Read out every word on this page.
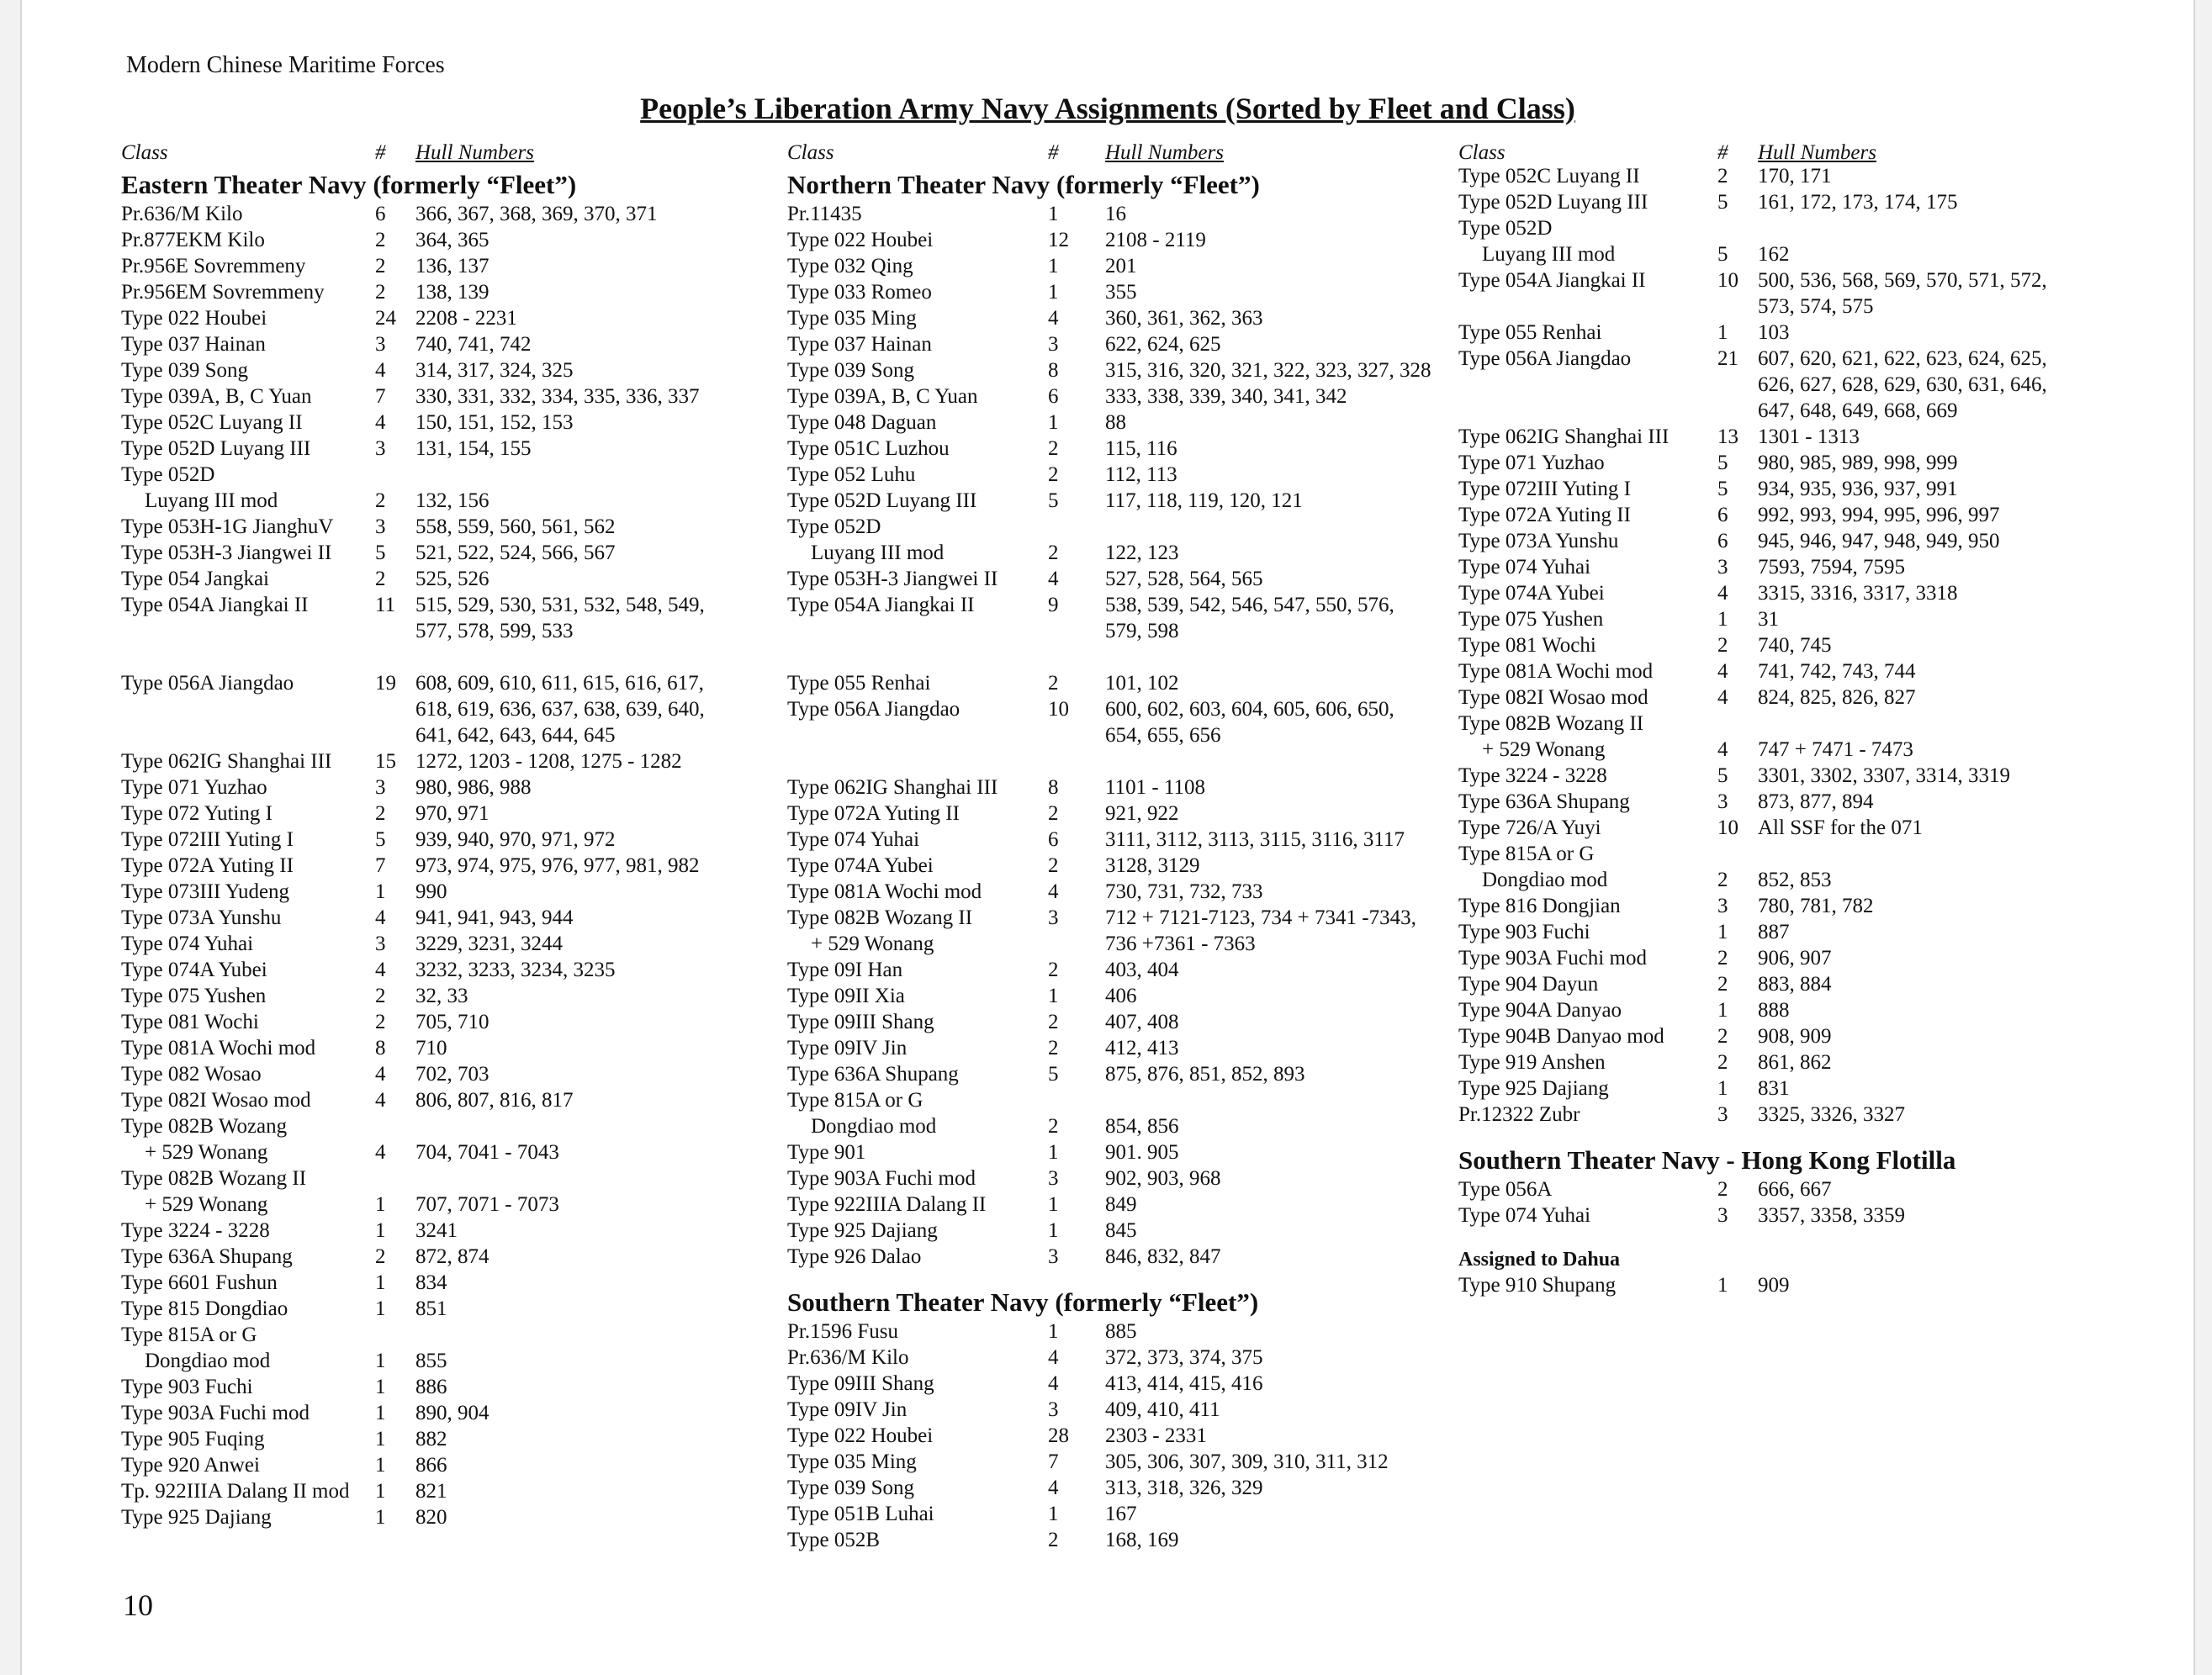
Modern Chinese Maritime Forces
People’s Liberation Army Navy Assignments (Sorted by Fleet and Class)
Class	# Hull Numbers
Eastern Theater Navy (formerly “Fleet”)
Pr.636/M Kilo	6 366, 367, 368, 369, 370, 371
Pr.877EKM Kilo	2 364, 365
Pr.956E Sovremmeny	2 136, 137
Pr.956EM Sovremmeny 2 138, 139
Type 022 Houbei	24 2208 - 2231
Type 037 Hainan	3 740, 741, 742
Type 039 Song	4 314, 317, 324, 325
Type 039A, B, C Yuan	7 330, 331, 332, 334, 335, 336, 337
Type 052C Luyang II	4 150, 151, 152, 153
Type 052D Luyang III	3 131, 154, 155
Type 052D

Luyang III mod	2 132, 156
Type 053H-1G JianghuV 3 558, 559, 560, 561, 562
Type 053H-3 Jiangwei II 5 521, 522, 524, 566, 567
Type 054 Jangkai	2 525, 526
Type 054A Jiangkai II	11 515, 529, 530, 531, 532, 548, 549,
577, 578, 599, 533
Type 056A Jiangdao	19 608, 609, 610, 611, 615, 616, 617,
618, 619, 636, 637, 638, 639, 640,
641, 642, 643, 644, 645
Type 062IG Shanghai III 15 1272, 1203 - 1208, 1275 - 1282
Type 071 Yuzhao	3 980, 986, 988
Type 072 Yuting I	2 970, 971
Type 072III Yuting I	5 939, 940, 970, 971, 972
Type 072A Yuting II	7 973, 974, 975, 976, 977, 981, 982
Type 073III Yudeng	1 990
Type 073A Yunshu	4 941, 941, 943, 944
Type 074 Yuhai	3 3229, 3231, 3244
Type 074A Yubei	4 3232, 3233, 3234, 3235
Type 075 Yushen	2 32, 33
Type 081 Wochi	2 705, 710
Type 081A Wochi mod	8 710
Type 082 Wosao	4 702, 703
Type 082I Wosao mod	4 806, 807, 816, 817
Type 082B Wozang

+ 529 Wonang	4 704, 7041 - 7043
Type 082B Wozang II

+ 529 Wonang	1 707, 7071 - 7073
Type 3224 - 3228	1 3241
Type 636A Shupang	2 872, 874
Type 6601 Fushun	1 834
Type 815 Dongdiao	1 851
Type 815A or G

Dongdiao mod	1 855
Type 903 Fuchi	1 886
Type 903A Fuchi mod	1 890, 904
Type 905 Fuqing	1 882
Type 920 Anwei	1 866
Tp. 922IIIA Dalang II mod 1 821
Type 925 Dajiang	1 820
Class	# Hull Numbers
Northern Theater Navy (formerly “Fleet”)
Pr.11435	1 16
Type 022 Houbei	12 2108 - 2119
Type 032 Qing	1 201
Type 033 Romeo	1 355
Type 035 Ming	4 360, 361, 362, 363
Type 037 Hainan	3 622, 624, 625
Type 039 Song	8 315, 316, 320, 321, 322, 323, 327, 328
Type 039A, B, C Yuan	6 333, 338, 339, 340, 341, 342
Type 048 Daguan	1 88
Type 051C Luzhou	2 115, 116
Type 052 Luhu	2 112, 113
Type 052D Luyang III	5 117, 118, 119, 120, 121
Type 052D

Luyang III mod	2 122, 123
Type 053H-3 Jiangwei II 4 527, 528, 564, 565
Type 054A Jiangkai II	9 538, 539, 542, 546, 547, 550, 576,
579, 598
Type 055 Renhai	2 101, 102
Type 056A Jiangdao	10 600, 602, 603, 604, 605, 606, 650,
654, 655, 656
Type 062IG Shanghai III 8 1101 - 1108
Type 072A Yuting II	2 921, 922
Type 074 Yuhai	6 3111, 3112, 3113, 3115, 3116, 3117
Type 074A Yubei	2 3128, 3129
Type 081A Wochi mod	4 730, 731, 732, 733
Type 082B Wozang II	3 712 + 7121-7123, 734 + 7341 -7343,
736 +7361 - 7363
+ 529 Wonang

Type 09I Han	2 403, 404
Type 09II Xia	1 406
Type 09III Shang	2 407, 408
Type 09IV Jin	2 412, 413
Type 636A Shupang	5 875, 876, 851, 852, 893
Type 815A or G

Dongdiao mod	2 854, 856
Type 901	1 901. 905
Type 903A Fuchi mod	3 902, 903, 968
Type 922IIIA Dalang II	1 849
Type 925 Dajiang	1 845
Type 926 Dalao	3 846, 832, 847
Southern Theater Navy (formerly “Fleet”)
Pr.1596 Fusu	1 885
Pr.636/M Kilo	4 372, 373, 374, 375
Type 09III Shang	4 413, 414, 415, 416
Type 09IV Jin	3 409, 410, 411
Type 022 Houbei	28 2303 - 2331
Type 035 Ming	7 305, 306, 307, 309, 310, 311, 312
Type 039 Song	4 313, 318, 326, 329
Type 051B Luhai	1 167
Type 052B	2 168, 169
Class	# Hull Numbers
Type 052C Luyang II	2 170, 171
Type 052D Luyang III	5 161, 172, 173, 174, 175
Type 052D

Luyang III mod	5 162
Type 054A Jiangkai II	10 500, 536, 568, 569, 570, 571, 572,
573, 574, 575
Type 055 Renhai	1 103
Type 056A Jiangdao	21 607, 620, 621, 622, 623, 624, 625,
626, 627, 628, 629, 630, 631, 646,
647, 648, 649, 668, 669
Type 062IG Shanghai III 13 1301 - 1313
Type 071 Yuzhao	5 980, 985, 989, 998, 999
Type 072III Yuting I	5 934, 935, 936, 937, 991
Type 072A Yuting II	6 992, 993, 994, 995, 996, 997
Type 073A Yunshu	6 945, 946, 947, 948, 949, 950
Type 074 Yuhai	3 7593, 7594, 7595
Type 074A Yubei	4 3315, 3316, 3317, 3318
Type 075 Yushen	1 31
Type 081 Wochi	2 740, 745
Type 081A Wochi mod	4 741, 742, 743, 744
Type 082I Wosao mod	4 824, 825, 826, 827
Type 082B Wozang II

+ 529 Wonang	4 747 + 7471 - 7473
Type 3224 - 3228	5 3301, 3302, 3307, 3314, 3319
Type 636A Shupang	3 873, 877, 894
Type 726/A Yuyi	10 All SSF for the 071
Type 815A or G

Dongdiao mod	2 852, 853
Type 816 Dongjian	3 780, 781, 782
Type 903 Fuchi	1 887
Type 903A Fuchi mod	2 906, 907
Type 904 Dayun	2 883, 884
Type 904A Danyao	1 888
Type 904B Danyao mod	2 908, 909
Type 919 Anshen	2 861, 862
Type 925 Dajiang	1 831
Pr.12322 Zubr	3 3325, 3326, 3327
Southern Theater Navy - Hong Kong Flotilla
Type 056A	2 666, 667
Type 074 Yuhai	3 3357, 3358, 3359
Assigned to Dahua
Type 910 Shupang	1 909
10
